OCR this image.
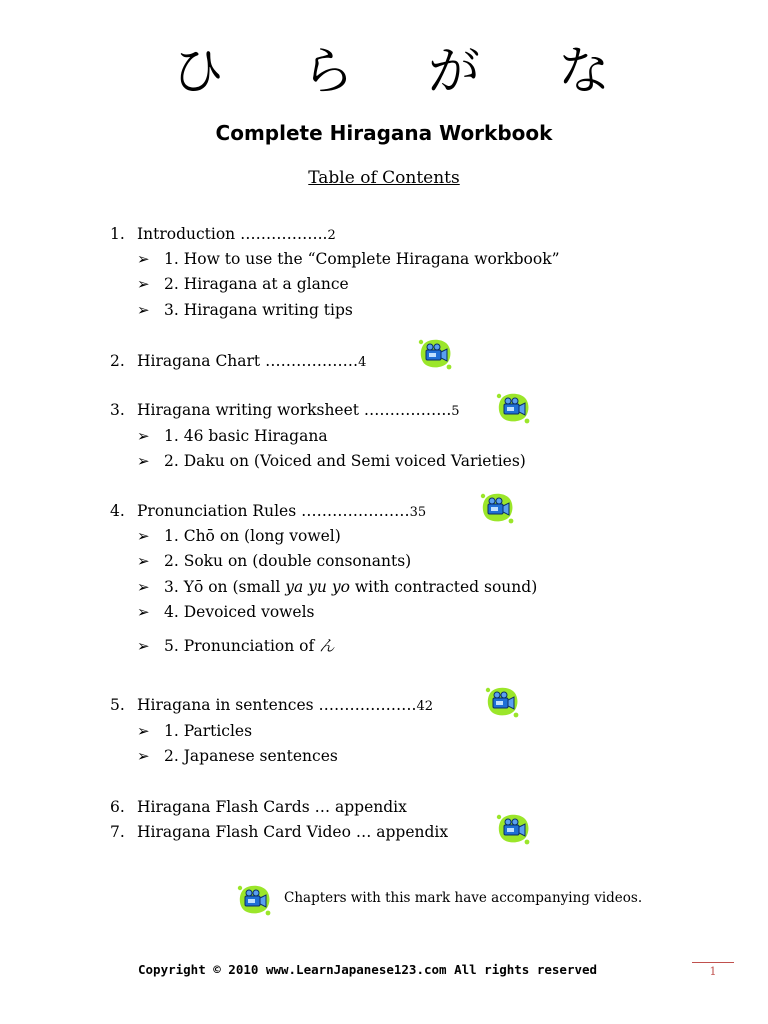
ひ ら が な
Complete Hiragana Workbook
Table of Contents
1. Introduction ……………..2
➢ 1. How to use the “Complete Hiragana workbook”
➢ 2. Hiragana at a glance
➢ 3. Hiragana writing tips
2. Hiragana Chart ………………4
3. Hiragana writing worksheet ……………..5
➢ 1. 46 basic Hiragana
➢ 2. Daku on (Voiced and Semi voiced Varieties)
4. Pronunciation Rules …………………35
➢ 1. Chō on (long vowel)
➢ 2. Soku on (double consonants)
➢ 3. Yō on (small ya yu yo with contracted sound)
➢ 4. Devoiced vowels
➢ 5. Pronunciation of ん
5. Hiragana in sentences ……………….42
➢ 1. Particles
➢ 2. Japanese sentences
6. Hiragana Flash Cards … appendix
7. Hiragana Flash Card Video … appendix
Chapters with this mark have accompanying videos.
Copyright © 2010 www.LearnJapanese123.com All rights reserved	1
